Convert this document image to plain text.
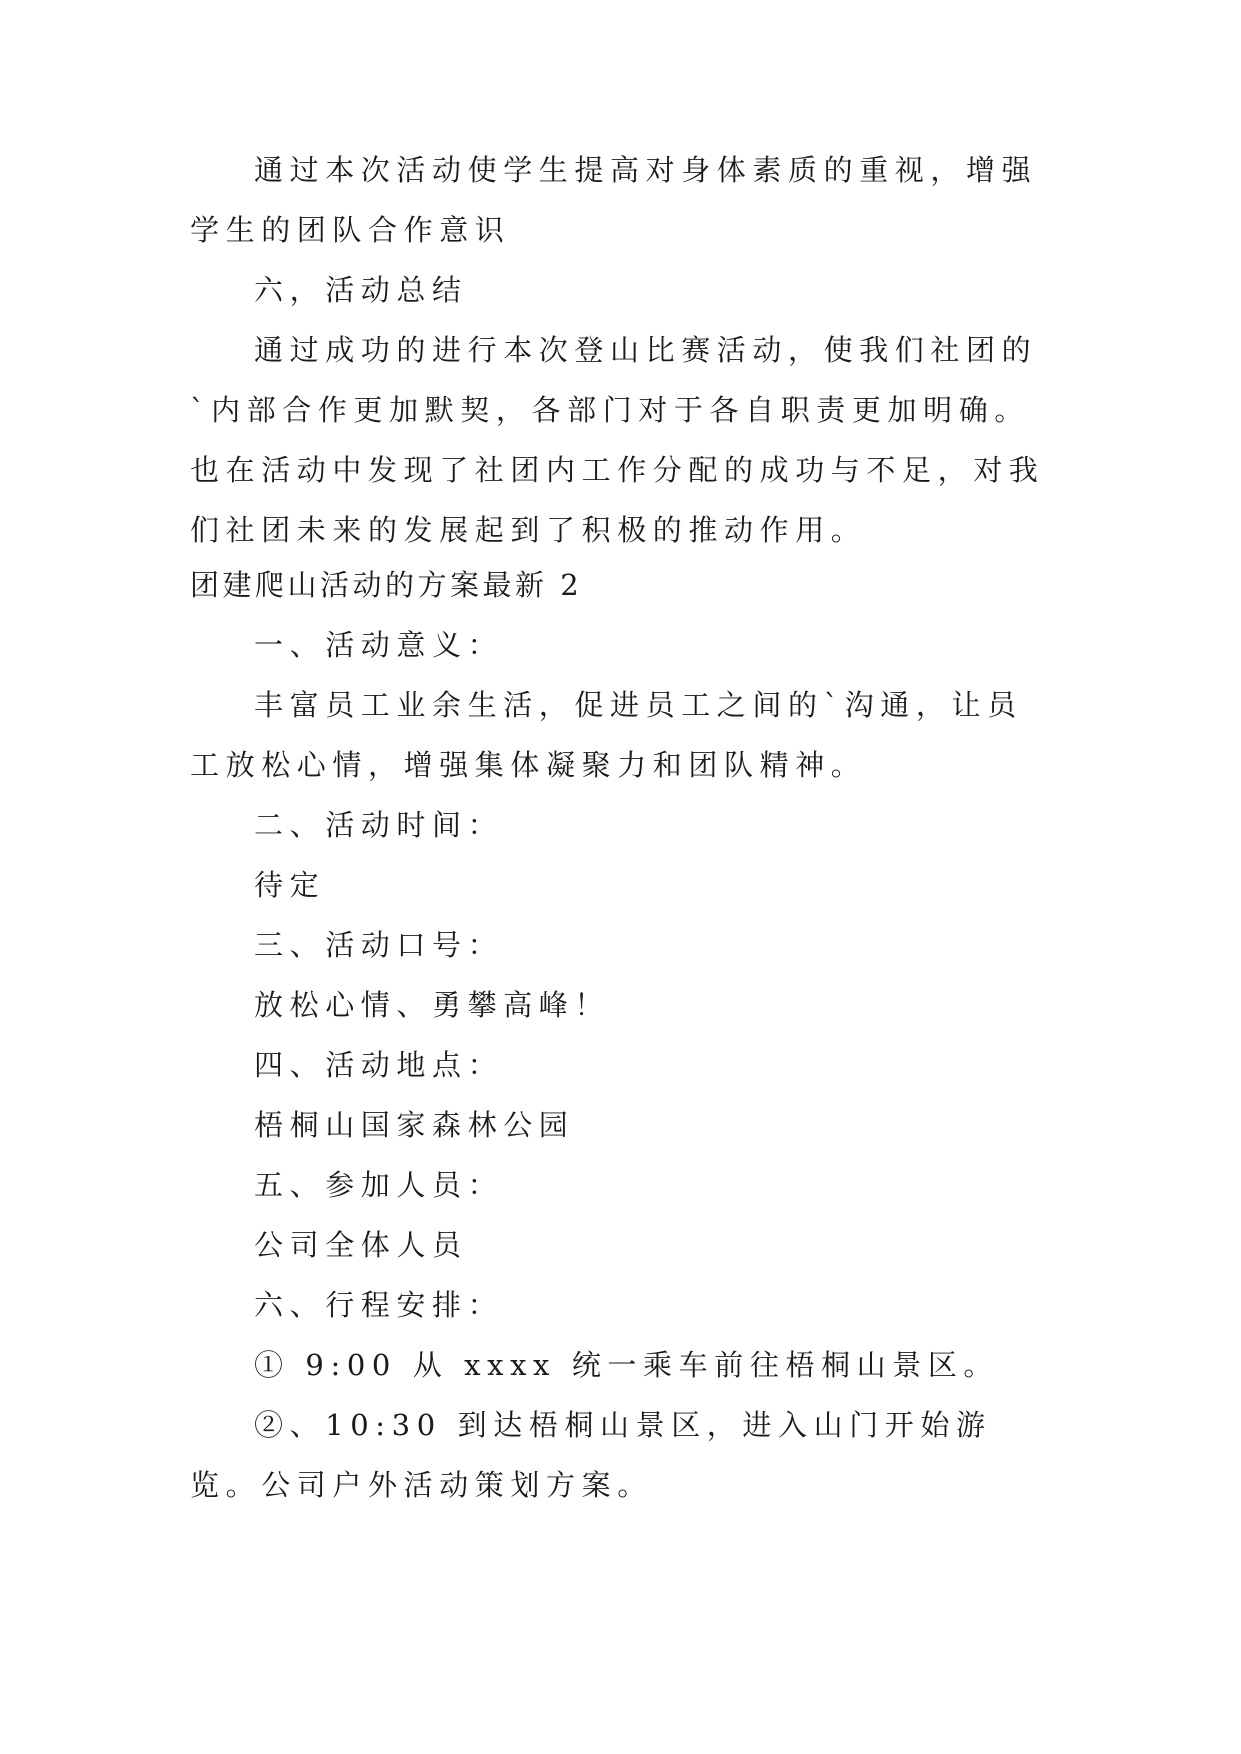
通过本次活动使学生提高对身体素质的重视，增强学生的团队合作意识

六，活动总结

通过成功的进行本次登山比赛活动，使我们社团的`内部合作更加默契，各部门对于各自职责更加明确。也在活动中发现了社团内工作分配的成功与不足，对我们社团未来的发展起到了积极的推动作用。

团建爬山活动的方案最新 2

一、活动意义：

丰富员工业余生活，促进员工之间的`沟通，让员工放松心情，增强集体凝聚力和团队精神。

二、活动时间：

待定

三、活动口号：

放松心情、勇攀高峰！

四、活动地点：

梧桐山国家森林公园

五、参加人员：

公司全体人员

六、行程安排：

① 9:00 从 xxxx 统一乘车前往梧桐山景区。

②、10:30 到达梧桐山景区，进入山门开始游览。公司户外活动策划方案。
